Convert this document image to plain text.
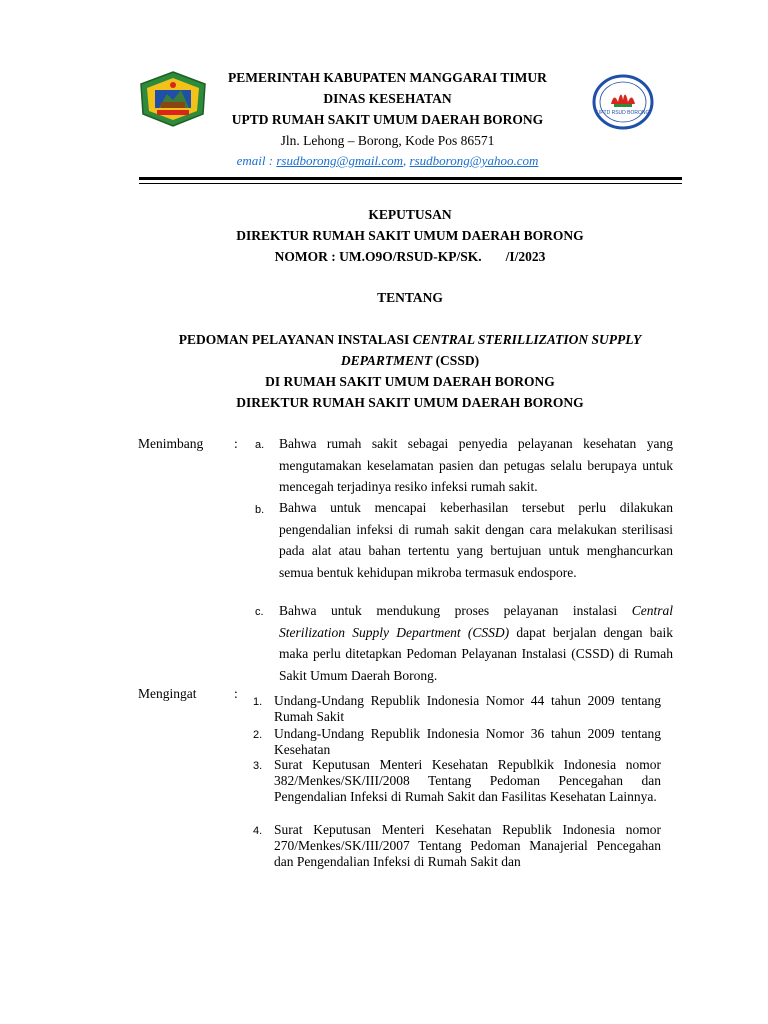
UPTD RSUD BORONG
PEMERINTAH KABUPATEN MANGGARAI TIMUR
DINAS KESEHATAN
UPTD RUMAH SAKIT UMUM DAERAH BORONG
Jln. Lehong – Borong, Kode Pos 86571
email : rsudborong@gmail.com, rsudborong@yahoo.com
KEPUTUSAN
DIREKTUR RUMAH SAKIT UMUM DAERAH BORONG
NOMOR : UM.O9O/RSUD-KP/SK. /I/2023
TENTANG
PEDOMAN PELAYANAN INSTALASI CENTRAL STERILLIZATION SUPPLY
DEPARTMENT (CSSD)
DI RUMAH SAKIT UMUM DAERAH BORONG
DIREKTUR RUMAH SAKIT UMUM DAERAH BORONG
Menimbang : a. Bahwa rumah sakit sebagai penyedia pelayanan kesehatan yang mengutamakan keselamatan pasien dan petugas selalu berupaya untuk mencegah terjadinya resiko infeksi rumah sakit.
b. Bahwa untuk mencapai keberhasilan tersebut perlu dilakukan pengendalian infeksi di rumah sakit dengan cara melakukan sterilisasi pada alat atau bahan tertentu yang bertujuan untuk menghancurkan semua bentuk kehidupan mikroba termasuk endospore.
c. Bahwa untuk mendukung proses pelayanan instalasi Central Sterilization Supply Department (CSSD) dapat berjalan dengan baik maka perlu ditetapkan Pedoman Pelayanan Instalasi (CSSD) di Rumah Sakit Umum Daerah Borong.
Mengingat	:
1. Undang-Undang Republik Indonesia Nomor 44 tahun 2009 tentang Rumah Sakit
2. Undang-Undang Republik Indonesia Nomor 36 tahun 2009 tentang Kesehatan
3. Surat Keputusan Menteri Kesehatan Republkik Indonesia nomor 382/Menkes/SK/III/2008 Tentang Pedoman Pencegahan dan Pengendalian Infeksi di Rumah Sakit dan Fasilitas Kesehatan Lainnya.
4. Surat Keputusan Menteri Kesehatan Republik Indonesia nomor 270/Menkes/SK/III/2007 Tentang Pedoman Manajerial Pencegahan dan Pengendalian Infeksi di Rumah Sakit dan
